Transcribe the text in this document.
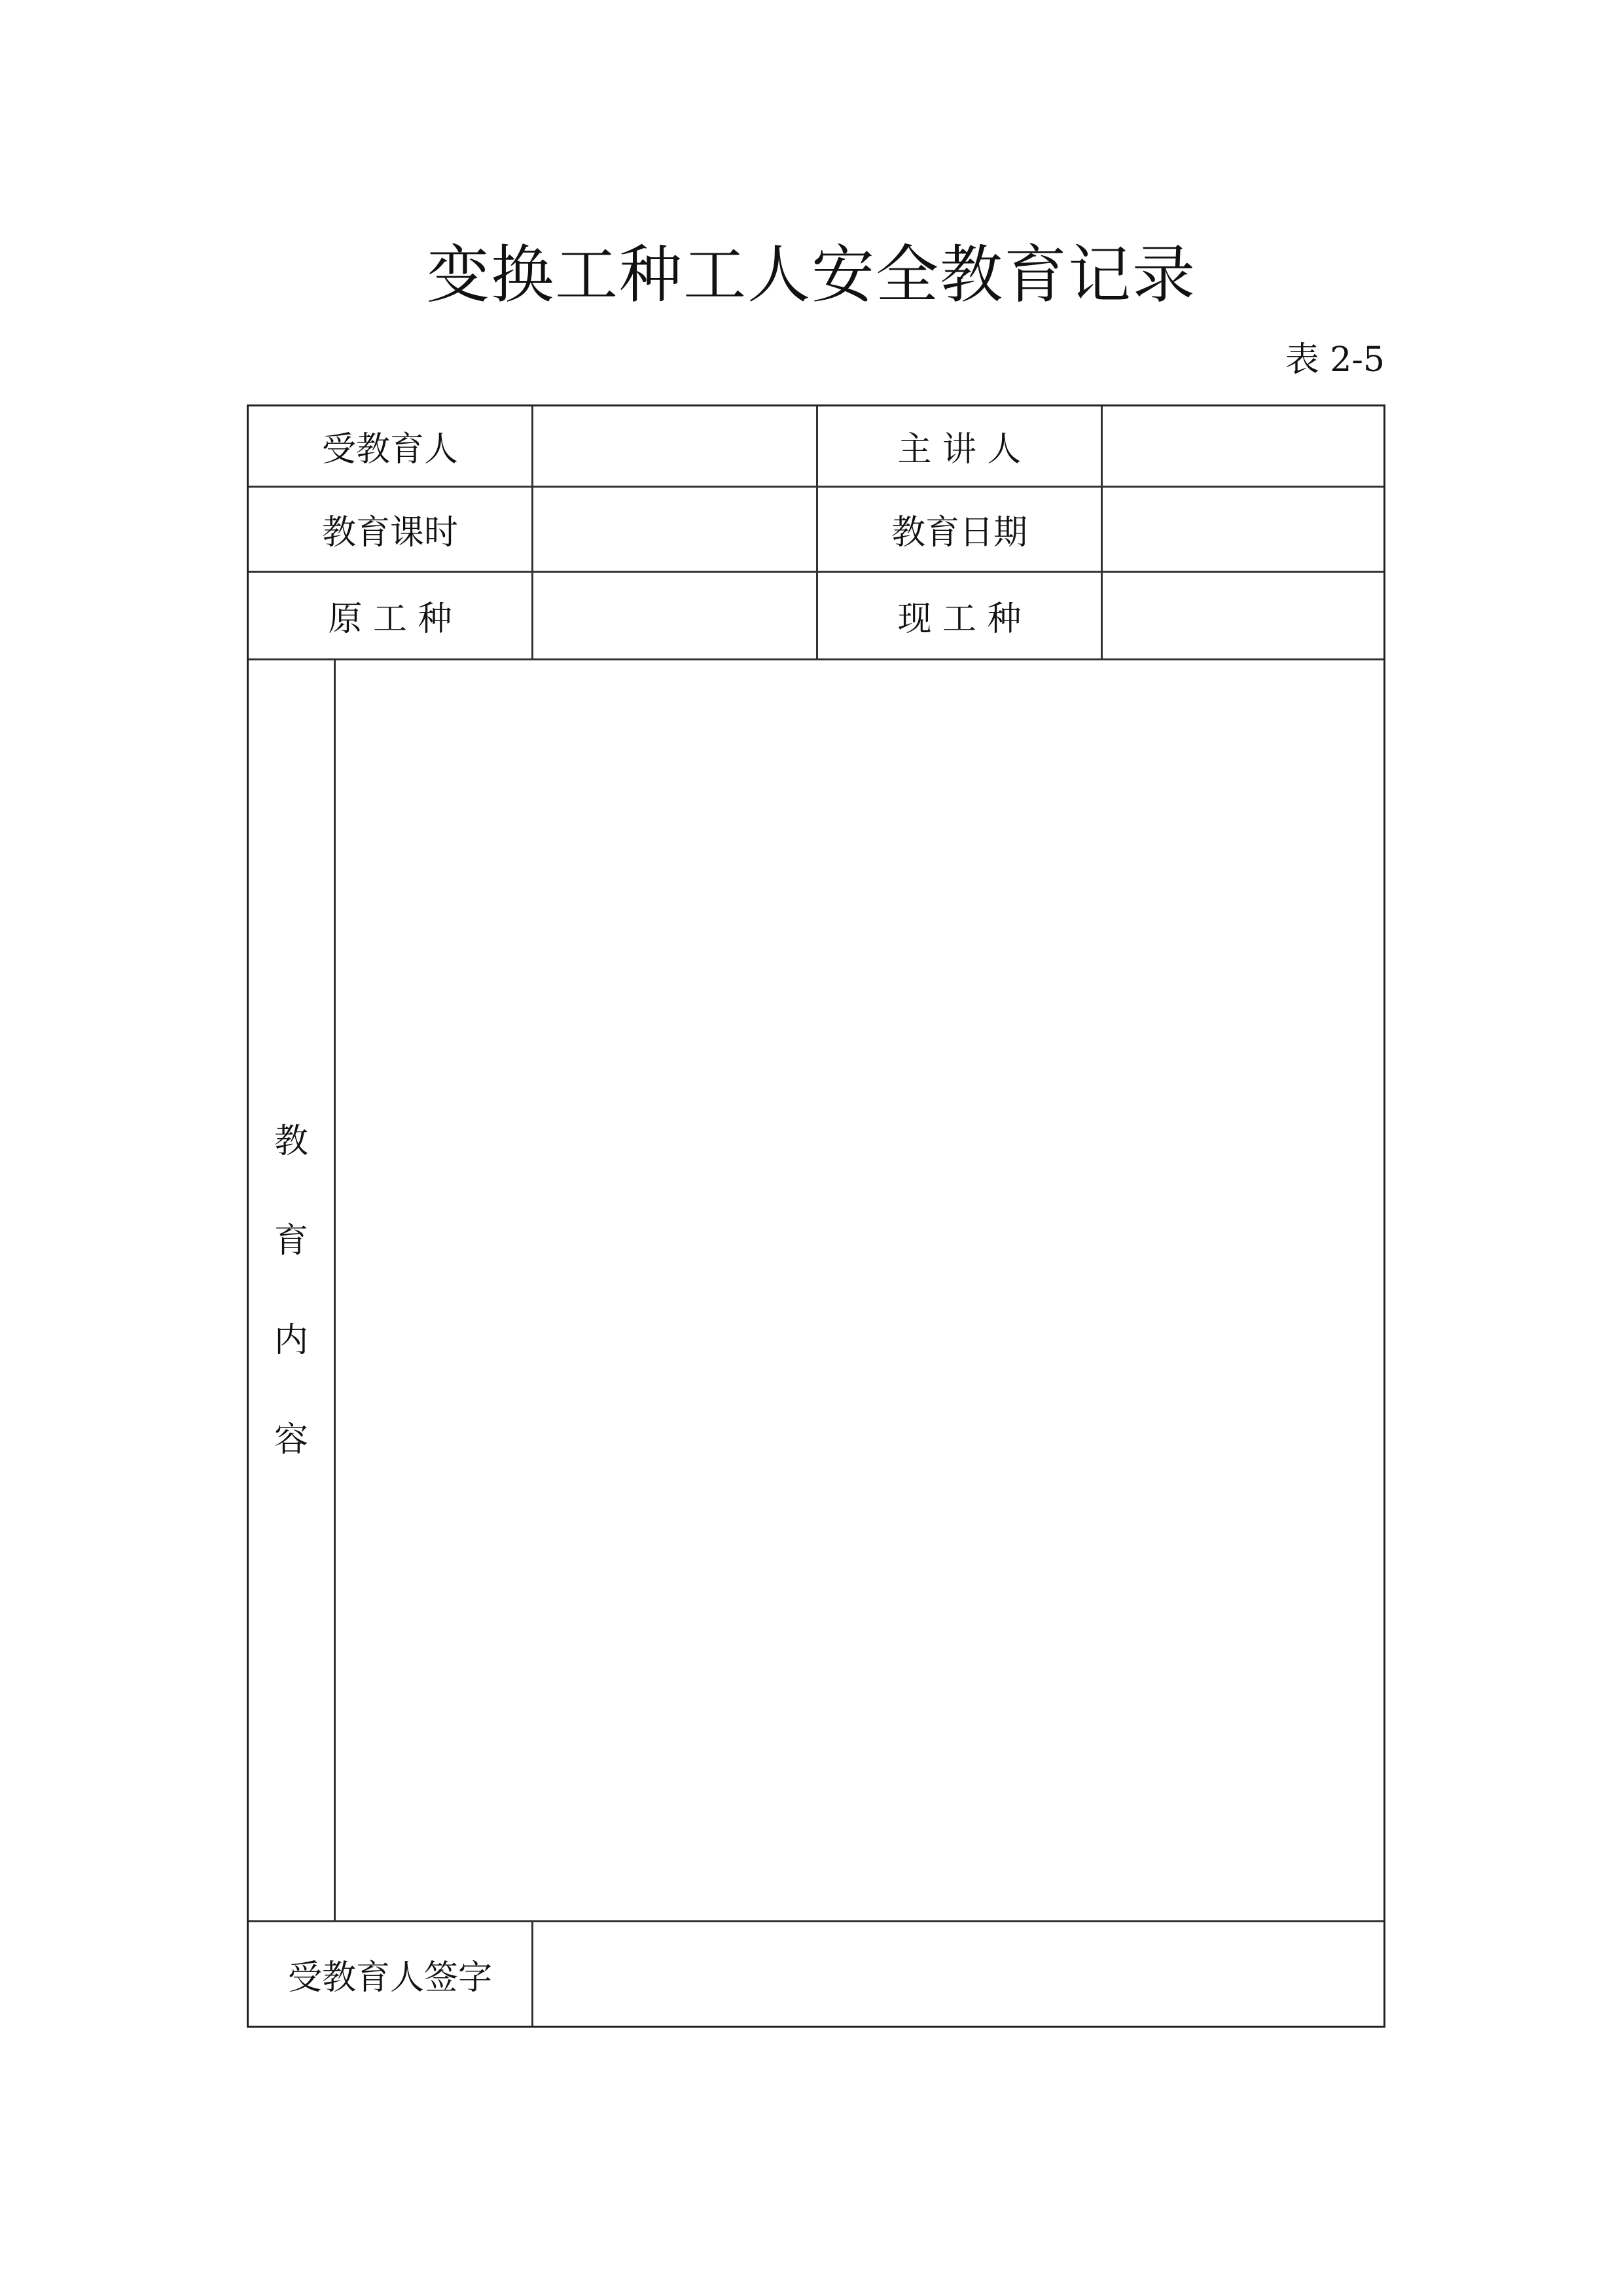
变换工种工人安全教育记录
表 2-5
受教育人	主 讲 人
教育课时	教育日期
原 工 种	现 工 种
教
育
内
容
受教育人签字
